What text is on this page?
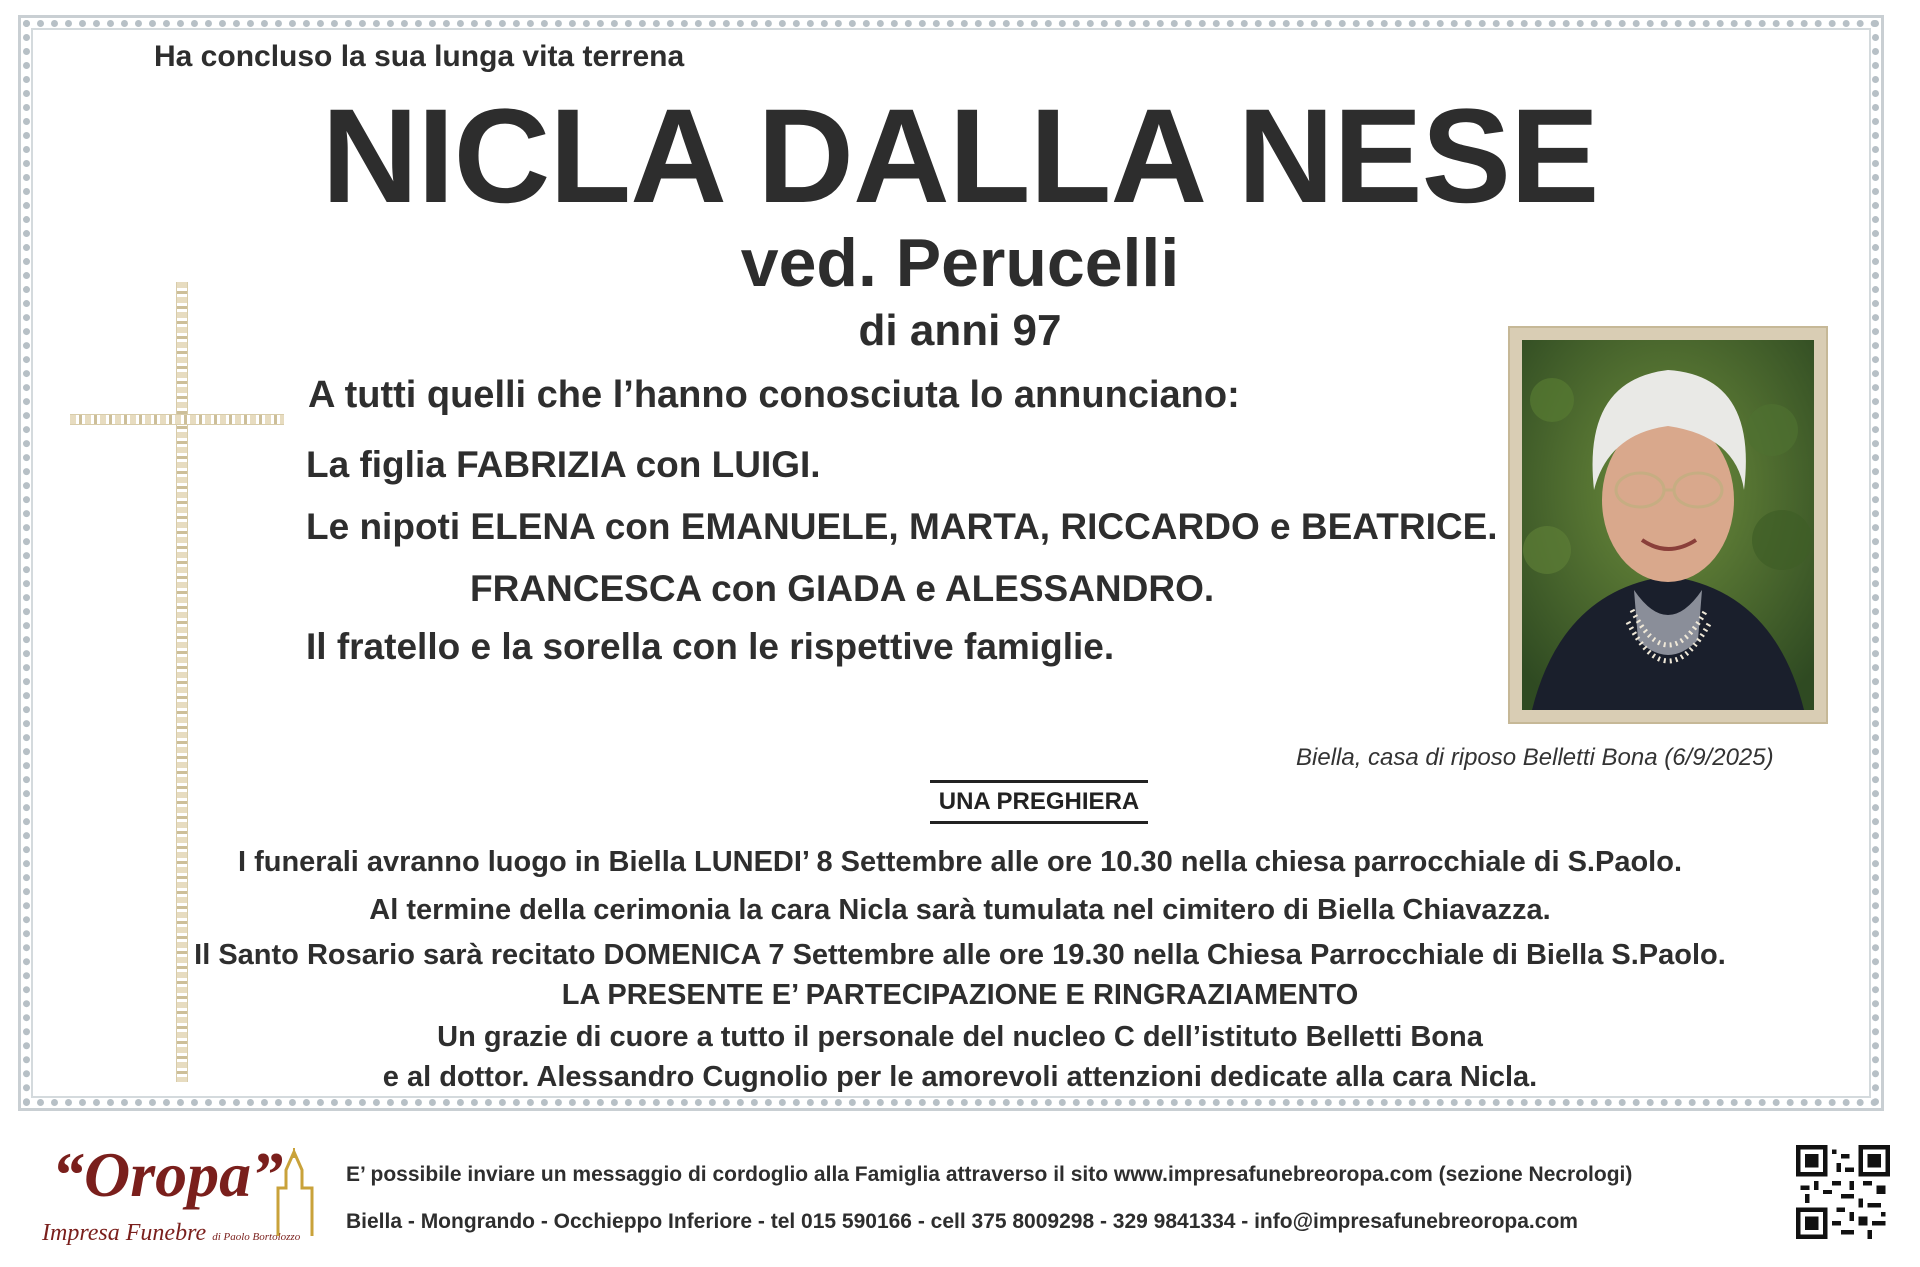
Ha concluso la sua lunga vita terrena
NICLA DALLA NESE
ved. Perucelli
di anni 97
A tutti quelli che l’hanno conosciuta lo annunciano:
La figlia FABRIZIA con LUIGI.
Le nipoti ELENA con EMANUELE, MARTA, RICCARDO e BEATRICE.
FRANCESCA con GIADA e ALESSANDRO.
Il fratello e la sorella con le rispettive famiglie.
Biella, casa di riposo Belletti Bona (6/9/2025)
UNA PREGHIERA
I funerali avranno luogo in Biella LUNEDI’ 8 Settembre alle ore 10.30 nella chiesa parrocchiale di S.Paolo.
Al termine della cerimonia la cara Nicla sarà tumulata nel cimitero di Biella Chiavazza.
Il Santo Rosario sarà recitato DOMENICA 7 Settembre alle ore 19.30 nella Chiesa Parrocchiale di Biella S.Paolo.
LA PRESENTE E’ PARTECIPAZIONE E RINGRAZIAMENTO
Un grazie di cuore a tutto il personale del nucleo C dell’istituto Belletti Bona
e al dottor. Alessandro Cugnolio per le amorevoli attenzioni dedicate alla cara Nicla.
“Oropa”
Impresa Funebre di Paolo Bortolozzo
E’ possibile inviare un messaggio di cordoglio alla Famiglia attraverso il sito www.impresafunebreoropa.com (sezione Necrologi)
Biella - Mongrando - Occhieppo Inferiore - tel 015 590166 - cell 375 8009298 - 329 9841334 - info@impresafunebreoropa.com
